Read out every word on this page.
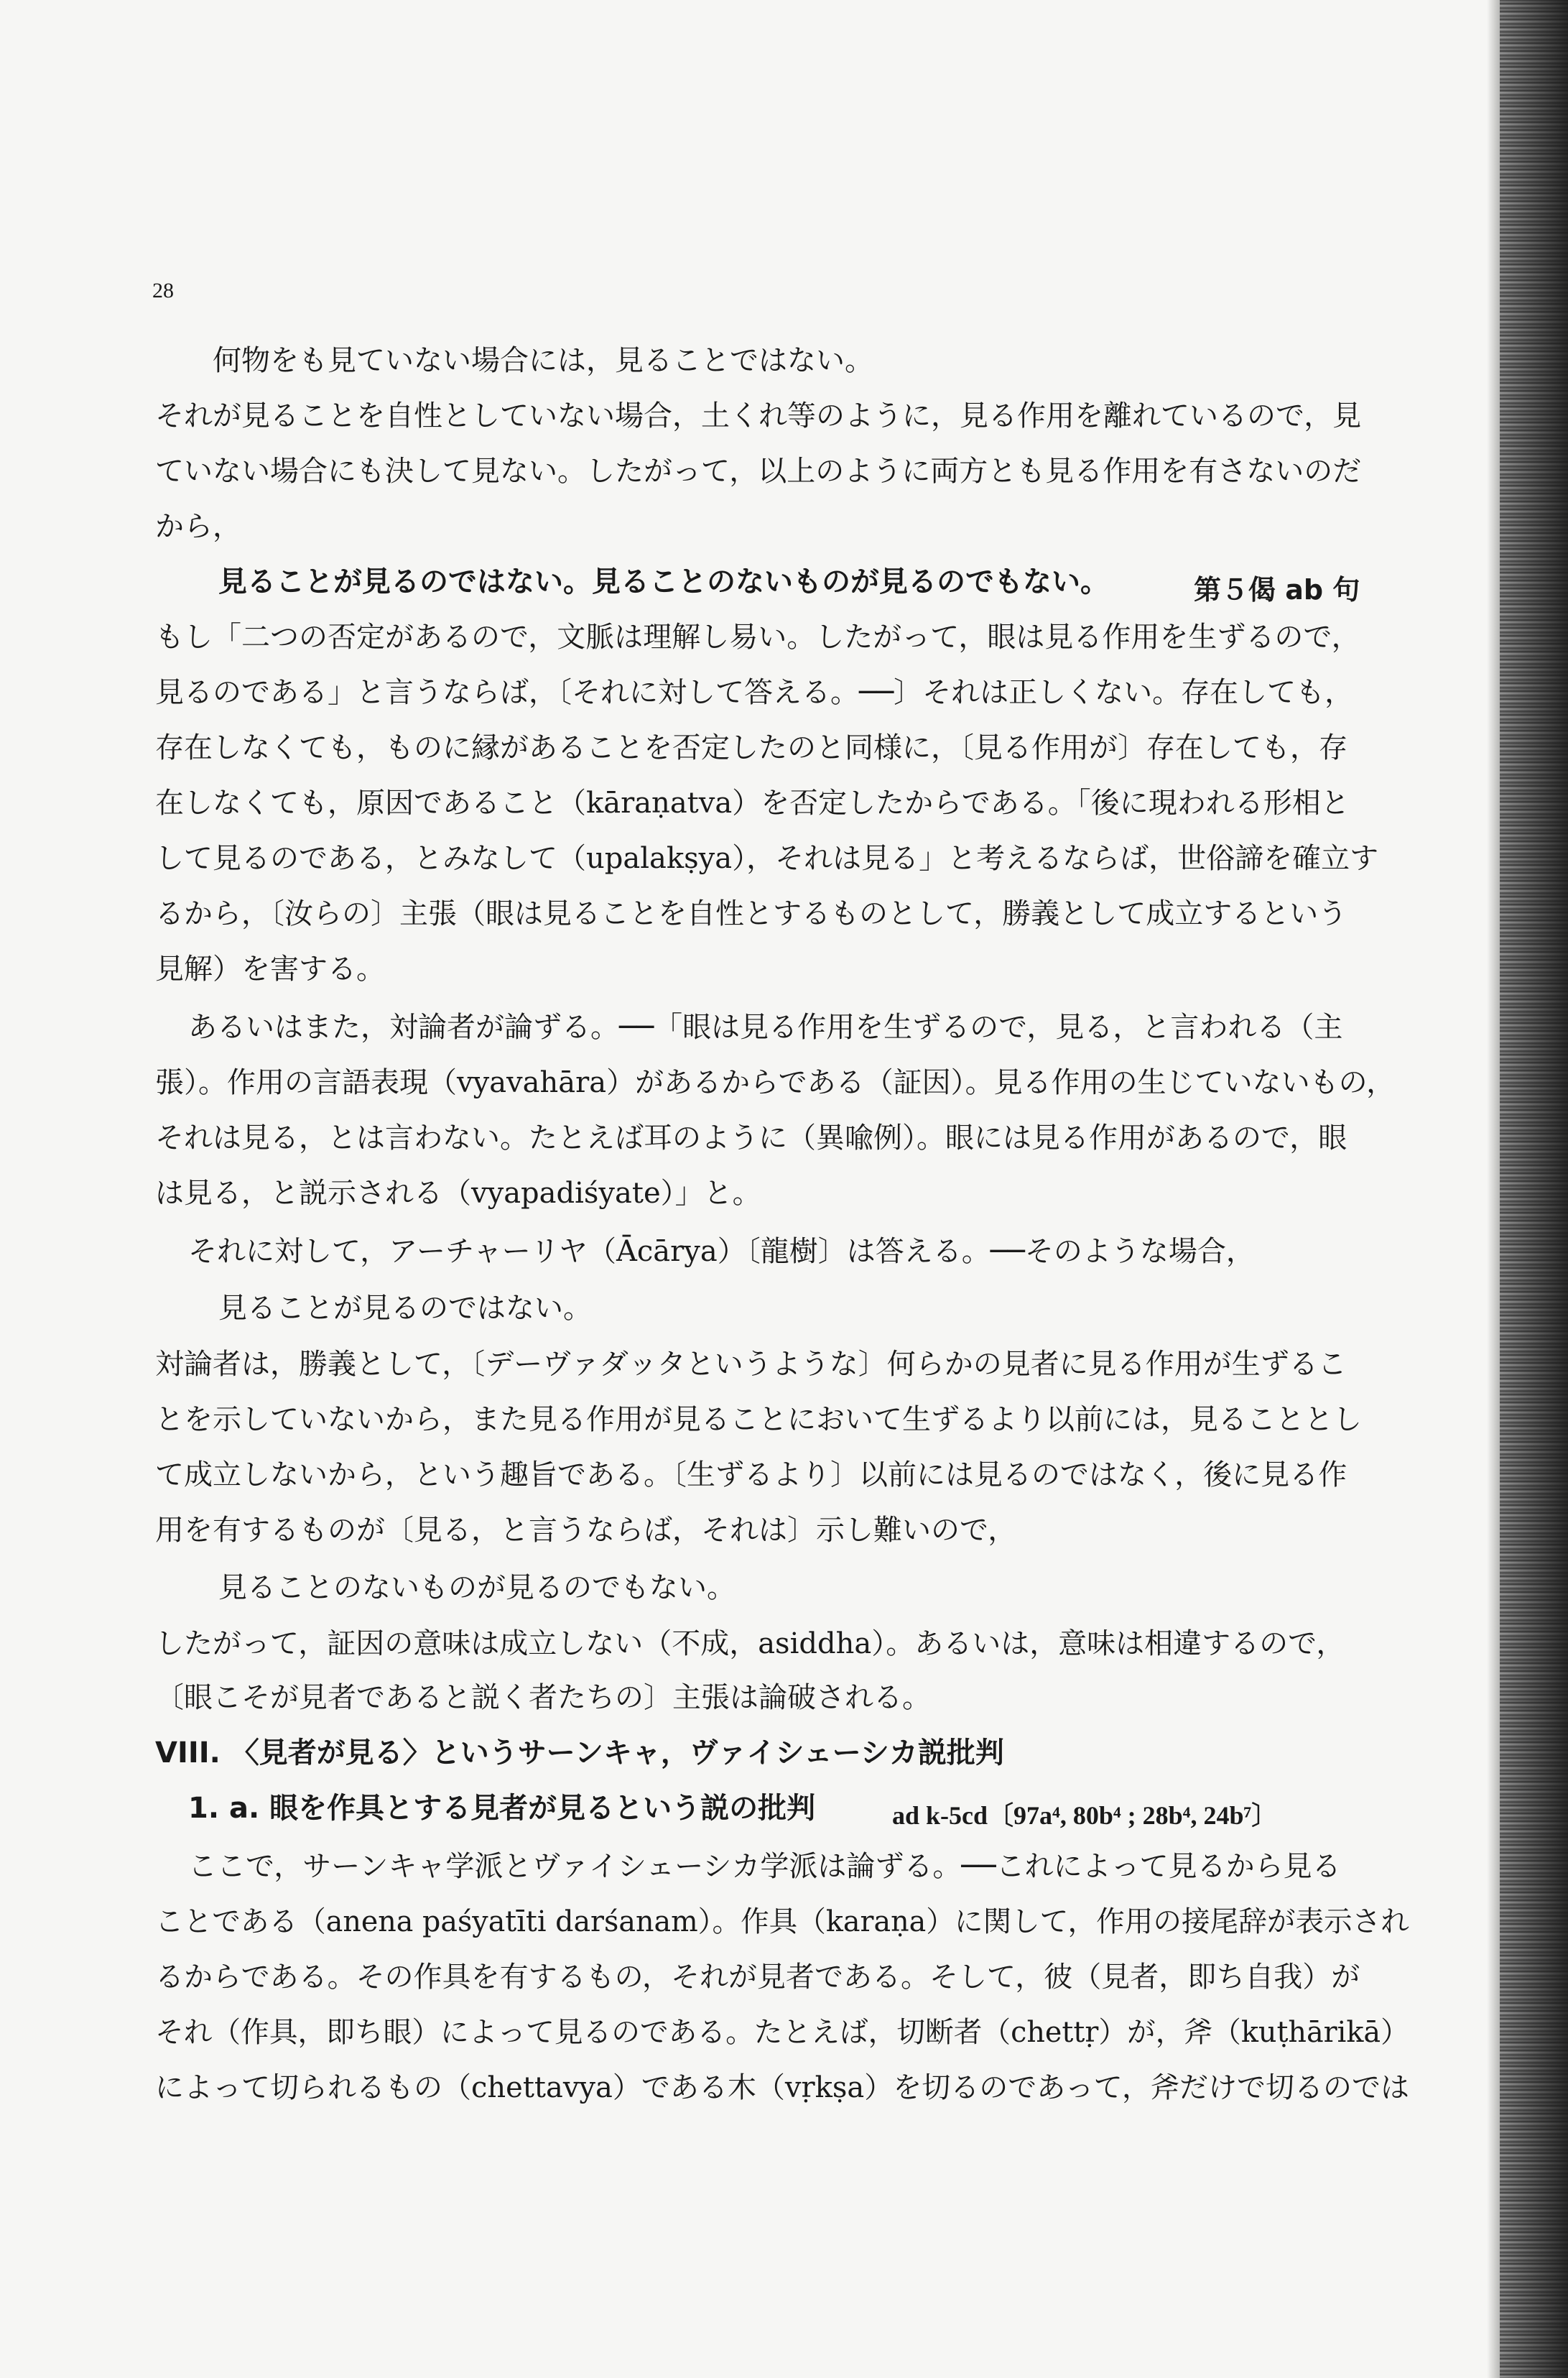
28
何物をも見ていない場合には，見ることではない。
それが見ることを自性としていない場合，土くれ等のように，見る作用を離れているので，見
ていない場合にも決して見ない。したがって，以上のように両方とも見る作用を有さないのだ
から，
見ることが見るのではない。見ることのないものが見るのでもない。	第５偈 ab 句
もし「二つの否定があるので，文脈は理解し易い。したがって，眼は見る作用を生ずるので，
見るのである」と言うならば，〔それに対して答える。──〕それは正しくない。存在しても，
存在しなくても，ものに縁があることを否定したのと同様に，〔見る作用が〕存在しても，存
在しなくても，原因であること（kāraṇatva）を否定したからである。「後に現われる形相と
して見るのである，とみなして（upalakṣya），それは見る」と考えるならば，世俗諦を確立す
るから，〔汝らの〕主張（眼は見ることを自性とするものとして，勝義として成立するという
見解）を害する。
あるいはまた，対論者が論ずる。──「眼は見る作用を生ずるので，見る，と言われる（主
張）。作用の言語表現（vyavahāra）があるからである（証因）。見る作用の生じていないもの，
それは見る，とは言わない。たとえば耳のように（異喩例）。眼には見る作用があるので，眼
は見る，と説示される（vyapadiśyate）」と。
それに対して，アーチャーリヤ（Ācārya）〔龍樹〕は答える。──そのような場合，
見ることが見るのではない。
対論者は，勝義として，〔デーヴァダッタというような〕何らかの見者に見る作用が生ずるこ
とを示していないから，また見る作用が見ることにおいて生ずるより以前には，見ることとし
て成立しないから，という趣旨である。〔生ずるより〕以前には見るのではなく，後に見る作
用を有するものが〔見る，と言うならば，それは〕示し難いので，
見ることのないものが見るのでもない。
したがって，証因の意味は成立しない（不成，asiddha）。あるいは，意味は相違するので，
〔眼こそが見者であると説く者たちの〕主張は論破される。
VIII. 〈見者が見る〉というサーンキャ，ヴァイシェーシカ説批判
1. a. 眼を作具とする見者が見るという説の批判	ad k-5cd〔97a⁴, 80b⁴ ; 28b⁴, 24b⁷〕
ここで，サーンキャ学派とヴァイシェーシカ学派は論ずる。──これによって見るから見る
ことである（anena paśyatīti darśanam）。作具（karaṇa）に関して，作用の接尾辞が表示され
るからである。その作具を有するもの，それが見者である。そして，彼（見者，即ち自我）が
それ（作具，即ち眼）によって見るのである。たとえば，切断者（chettṛ）が，斧（kuṭhārikā）
によって切られるもの（chettavya）である木（vṛkṣa）を切るのであって，斧だけで切るのでは
